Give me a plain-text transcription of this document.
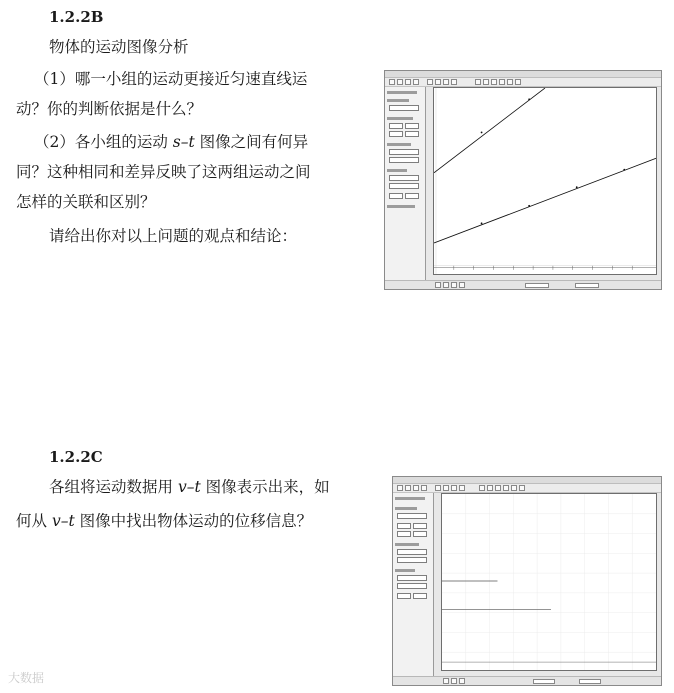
1.2.2B
物体的运动图像分析
（1）哪一小组的运动更接近匀速直线运
动？你的判断依据是什么？
（2）各小组的运动 s–t 图像之间有何异
同？这种相同和差异反映了这两组运动之间
怎样的关联和区别？
请给出你对以上问题的观点和结论：
1.2.2C
各组将运动数据用 v–t 图像表示出来，如
何从 v–t 图像中找出物体运动的位移信息？
大数据
